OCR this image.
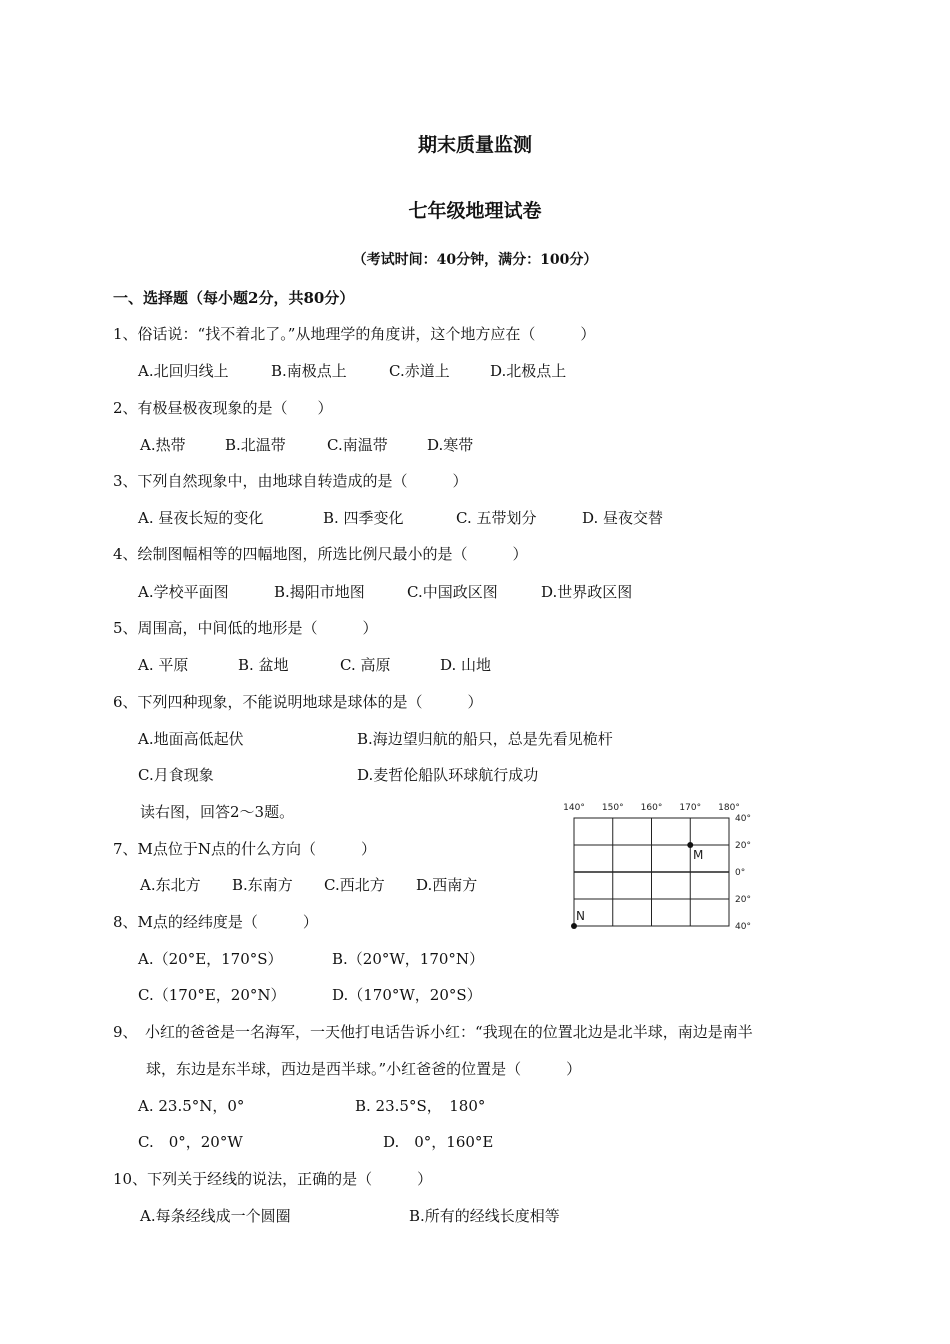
期末质量监测
七年级地理试卷
（考试时间：40分钟，满分：100分）
一、选择题（每小题2分，共80分）
1、俗话说：“找不着北了。”从地理学的角度讲，这个地方应在（　　　）
A.北回归线上	B.南极点上	C.赤道上	D.北极点上
2、有极昼极夜现象的是（　　）
A.热带	B.北温带	C.南温带	D.寒带
3、下列自然现象中，由地球自转造成的是（　　　）
A. 昼夜长短的变化	B. 四季变化	C. 五带划分	D. 昼夜交替
4、绘制图幅相等的四幅地图，所选比例尺最小的是（　　　）
A.学校平面图	B.揭阳市地图	C.中国政区图	D.世界政区图
5、周围高，中间低的地形是（　　　）
A. 平原	B. 盆地	C. 高原	D. 山地
6、下列四种现象，不能说明地球是球体的是（　　　）
A.地面高低起伏	B.海边望归航的船只，总是先看见桅杆
C.月食现象	D.麦哲伦船队环球航行成功
读右图，回答2～3题。	140° 150° 160° 170° 180°
40°
20°
0°
20°
40°
M
N
7、M点位于N点的什么方向（　　　）
A.东北方 B.东南方 C.西北方 D.西南方
8、M点的经纬度是（　　　）
A.（20°E，170°S）	B.（20°W，170°N）
C.（170°E，20°N）	D.（170°W，20°S）
9、　小红的爸爸是一名海军，一天他打电话告诉小红：“我现在的位置北边是北半球，南边是南半
球，东边是东半球，西边是西半球。”小红爸爸的位置是（　　　）
A. 23.5°N，0°	B. 23.5°S，　180°
C.　0°，20°W	D.　0°，160°E
10、下列关于经线的说法，正确的是（　　　）
A.每条经线成一个圆圈	B.所有的经线长度相等
